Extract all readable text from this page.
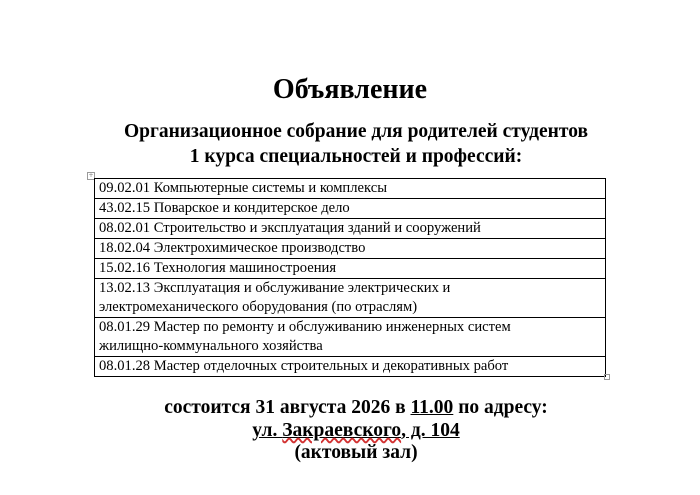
Объявление
Организационное собрание для родителей студентов
1 курса специальностей и профессий:
+
09.02.01 Компьютерные системы и комплексы
43.02.15 Поварское и кондитерское дело
08.02.01 Строительство и эксплуатация зданий и сооружений
18.02.04 Электрохимическое производство
15.02.16 Технология машиностроения

13.02.13 Эксплуатация и обслуживание электрических и
электромеханического оборудования (по отраслям)

08.01.29 Мастер по ремонту и обслуживанию инженерных систем
жилищно-коммунального хозяйства

08.01.28 Мастер отделочных строительных и декоративных работ
состоится 31 августа 2026 в 11.00 по адресу:
ул. Закраевского, д. 104
(актовый зал)
